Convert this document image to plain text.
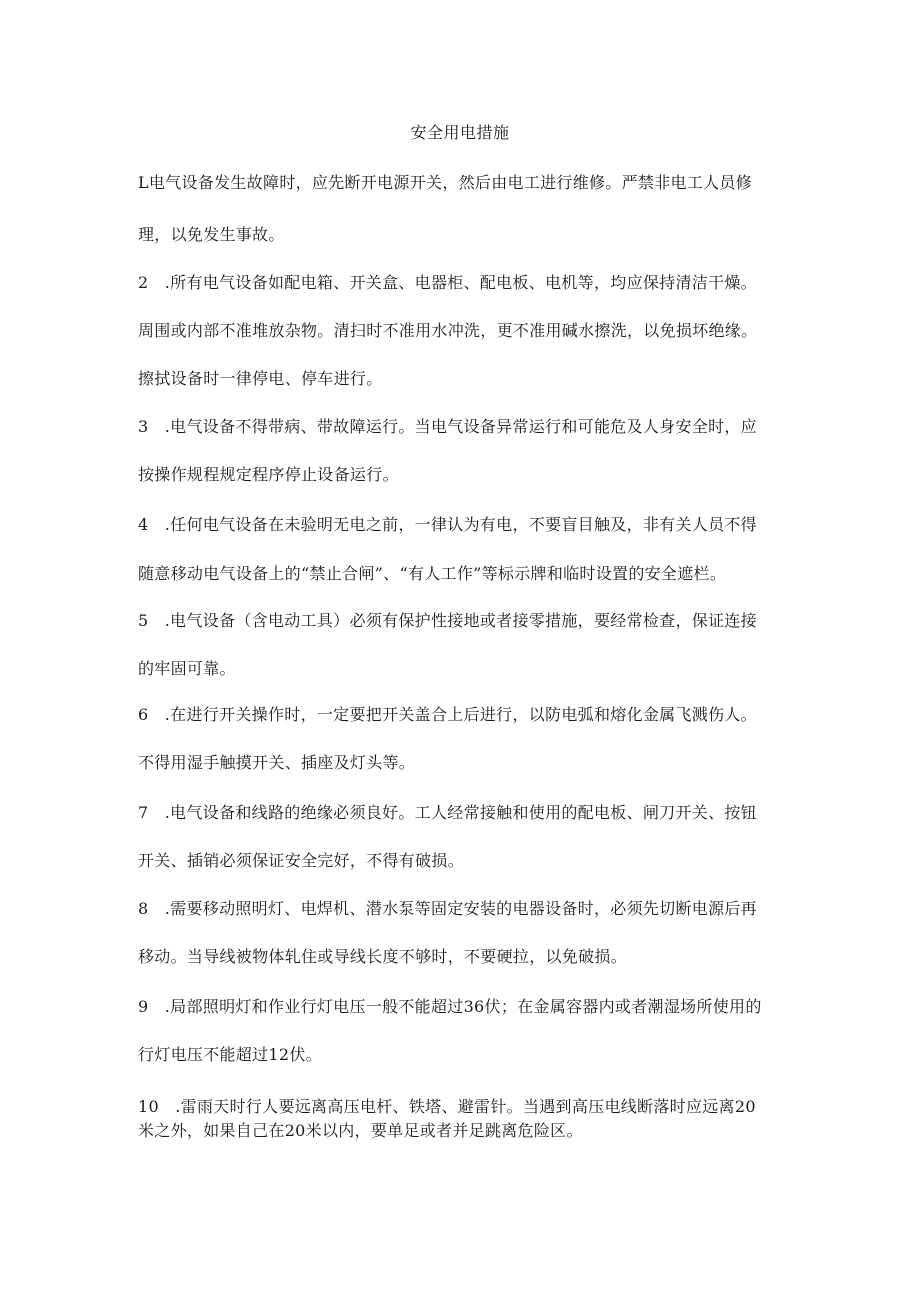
安全用电措施
L电气设备发生故障时，应先断开电源开关，然后由电工进行维修。严禁非电工人员修
理，以免发生事故。
2　.所有电气设备如配电箱、开关盒、电器柜、配电板、电机等，均应保持清洁干燥。
周围或内部不准堆放杂物。清扫时不准用水冲洗，更不准用碱水擦洗，以免损坏绝缘。
擦拭设备时一律停电、停车进行。
3　.电气设备不得带病、带故障运行。当电气设备异常运行和可能危及人身安全时，应
按操作规程规定程序停止设备运行。
4　.任何电气设备在未验明无电之前，一律认为有电，不要盲目触及，非有关人员不得
随意移动电气设备上的“禁止合闸”、“有人工作”等标示牌和临时设置的安全遮栏。
5　.电气设备（含电动工具）必须有保护性接地或者接零措施，要经常检查，保证连接
的牢固可靠。
6　.在进行开关操作时，一定要把开关盖合上后进行，以防电弧和熔化金属飞溅伤人。
不得用湿手触摸开关、插座及灯头等。
7　.电气设备和线路的绝缘必须良好。工人经常接触和使用的配电板、闸刀开关、按钮
开关、插销必须保证安全完好，不得有破损。
8　.需要移动照明灯、电焊机、潜水泵等固定安装的电器设备时，必须先切断电源后再
移动。当导线被物体轧住或导线长度不够时，不要硬拉，以免破损。
9　.局部照明灯和作业行灯电压一般不能超过36伏；在金属容器内或者潮湿场所使用的
行灯电压不能超过12伏。
10　.雷雨天时行人要远离高压电杆、铁塔、避雷针。当遇到高压电线断落时应远离20
米之外，如果自己在20米以内，要单足或者并足跳离危险区。
